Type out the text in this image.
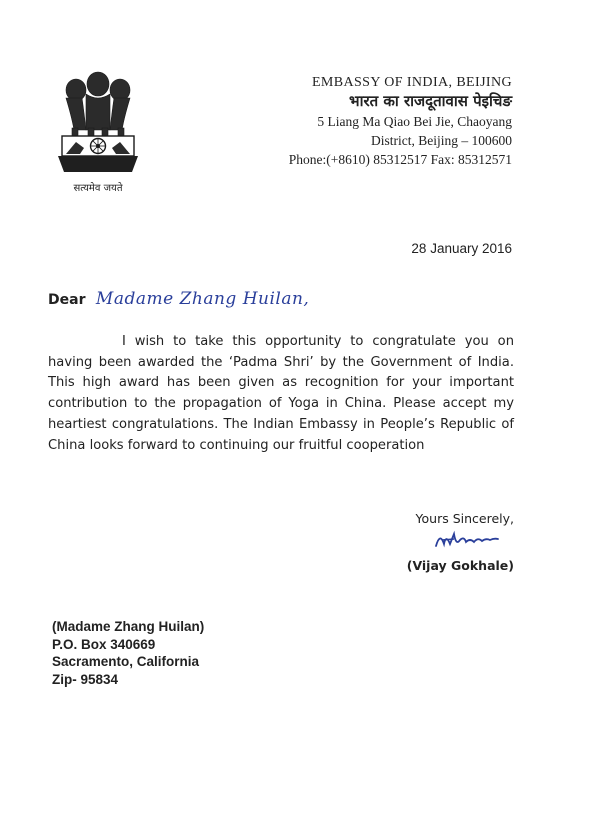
सत्यमेव जयते
EMBASSY OF INDIA, BEIJING
भारत का राजदूतावास पेइचिङ
5 Liang Ma Qiao Bei Jie, Chaoyang
District, Beijing – 100600
Phone:(+8610) 85312517 Fax: 85312571
28 January 2016
Dear Madame Zhang Huilan,

I wish to take this opportunity to congratulate you on having been awarded the ‘Padma Shri’ by the Government of India. This high award has been given as recognition for your important contribution to the propagation of Yoga in China. Please accept my heartiest congratulations. The Indian Embassy in People’s Republic of China looks forward to continuing our fruitful cooperation

Yours Sincerely,
(Vijay Gokhale)
(Madame Zhang Huilan)
P.O. Box 340669
Sacramento, California
Zip- 95834
